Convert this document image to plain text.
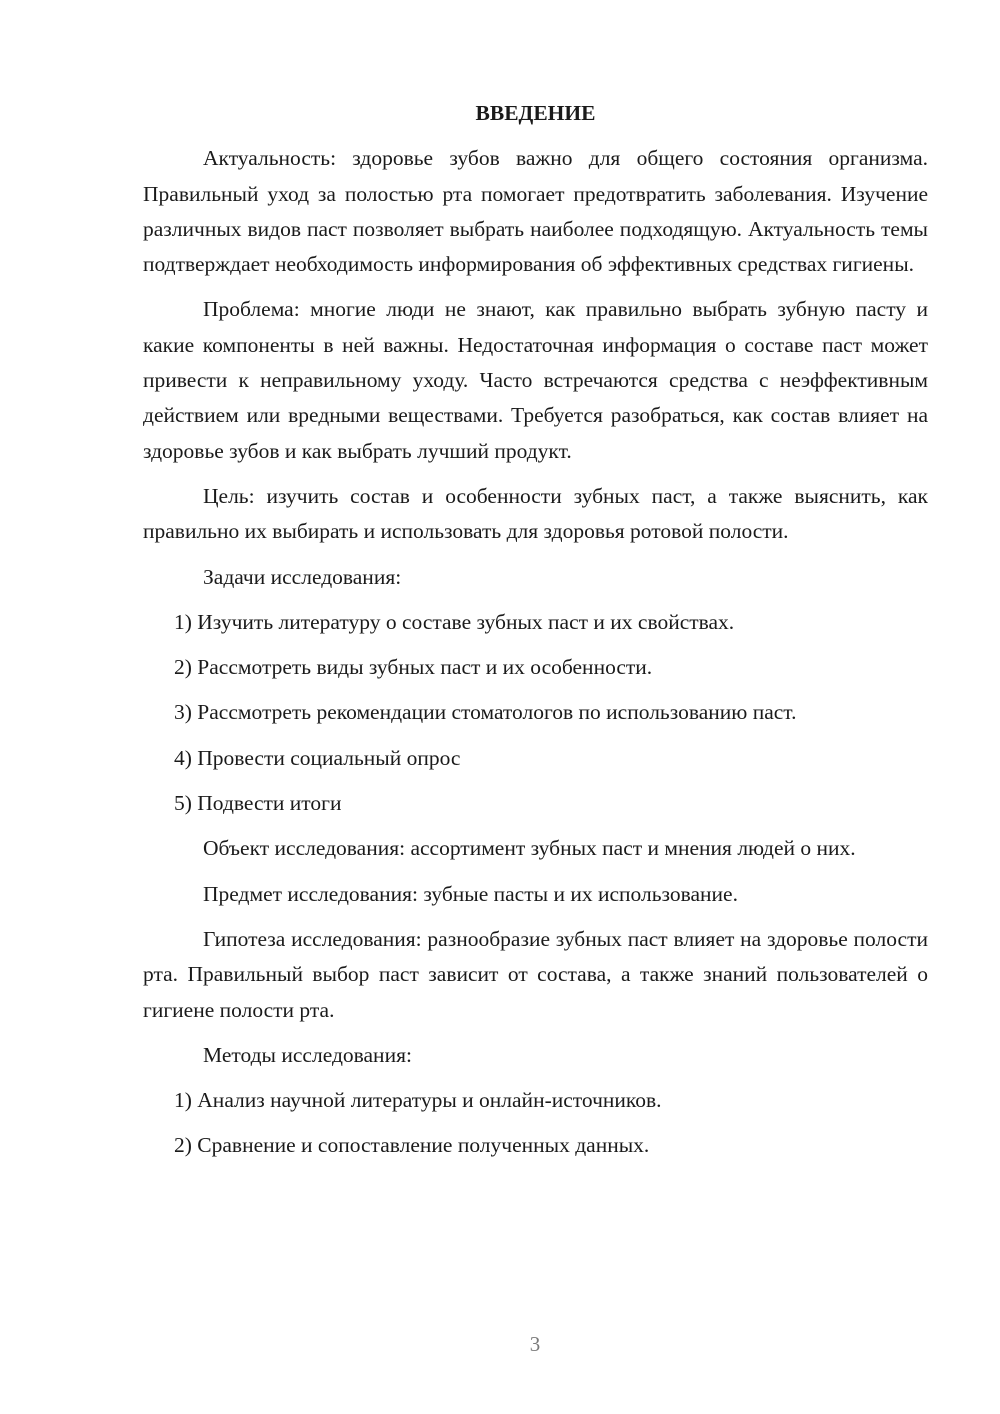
ВВЕДЕНИЕ

Актуальность: здоровье зубов важно для общего состояния организма. Правильный уход за полостью рта помогает предотвратить заболевания. Изучение различных видов паст позволяет выбрать наиболее подходящую. Актуальность темы подтверждает необходимость информирования об эффективных средствах гигиены.

Проблема: многие люди не знают, как правильно выбрать зубную пасту и какие компоненты в ней важны. Недостаточная информация о составе паст может привести к неправильному уходу. Часто встречаются средства с неэффективным действием или вредными веществами. Требуется разобраться, как состав влияет на здоровье зубов и как выбрать лучший продукт.

Цель: изучить состав и особенности зубных паст, а также выяснить, как правильно их выбирать и использовать для здоровья ротовой полости.

Задачи исследования:

1) Изучить литературу о составе зубных паст и их свойствах.

2) Рассмотреть виды зубных паст и их особенности.

3) Рассмотреть рекомендации стоматологов по использованию паст.

4) Провести социальный опрос

5) Подвести итоги

Объект исследования: ассортимент зубных паст и мнения людей о них.

Предмет исследования: зубные пасты и их использование.

Гипотеза исследования: разнообразие зубных паст влияет на здоровье полости рта. Правильный выбор паст зависит от состава, а также знаний пользователей о гигиене полости рта.

Методы исследования:

1) Анализ научной литературы и онлайн-источников.

2) Сравнение и сопоставление полученных данных.

3
